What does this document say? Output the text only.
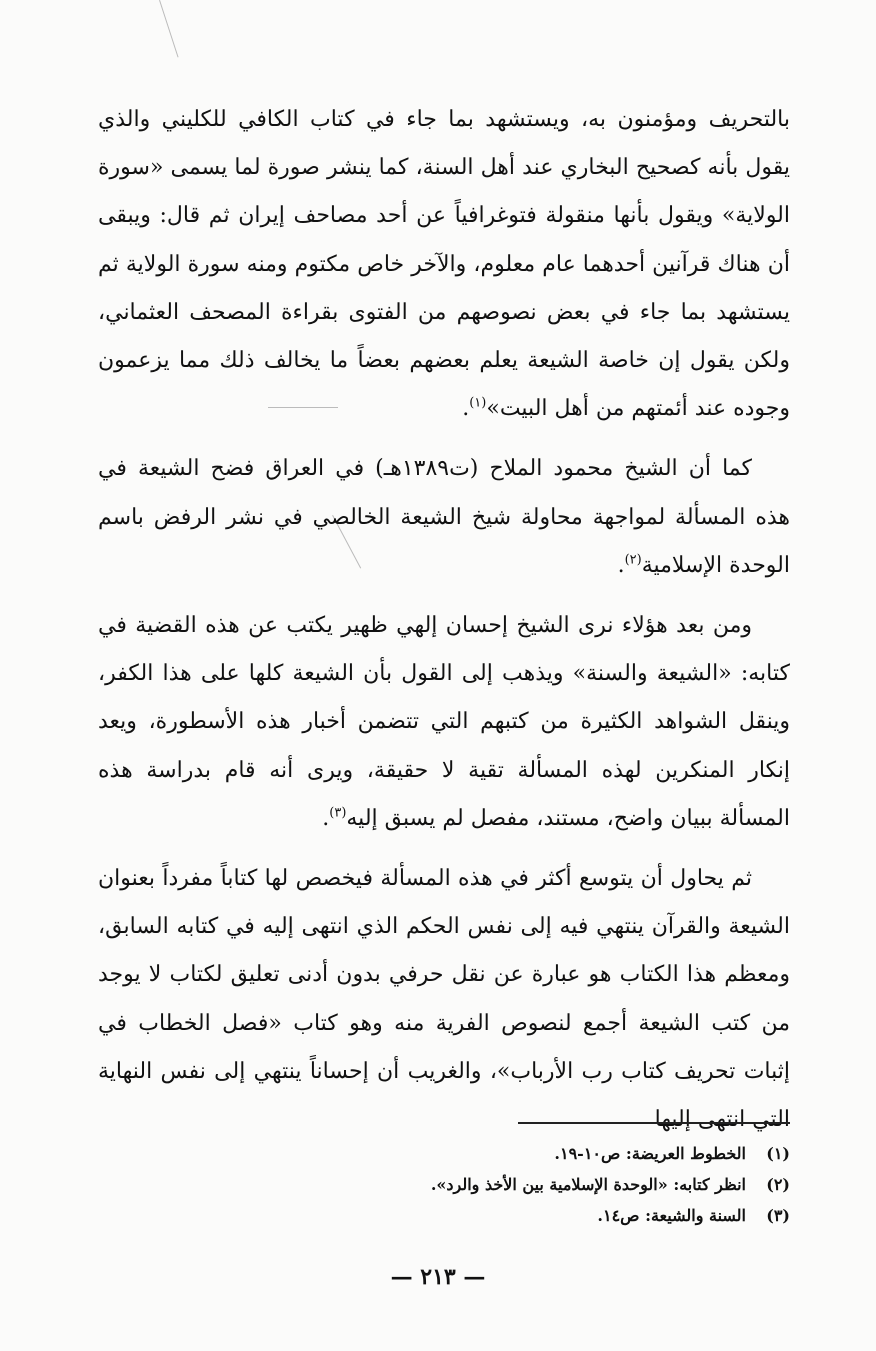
بالتحريف ومؤمنون به، ويستشهد بما جاء في كتاب الكافي للكليني والذي يقول بأنه كصحيح البخاري عند أهل السنة، كما ينشر صورة لما يسمى «سورة الولاية» ويقول بأنها منقولة فتوغرافياً عن أحد مصاحف إيران ثم قال: ويبقى أن هناك قرآنين أحدهما عام معلوم، والآخر خاص مكتوم ومنه سورة الولاية ثم يستشهد بما جاء في بعض نصوصهم من الفتوى بقراءة المصحف العثماني، ولكن يقول إن خاصة الشيعة يعلم بعضهم بعضاً ما يخالف ذلك مما يزعمون وجوده عند أئمتهم من أهل البيت»$^{(١)}$.

كما أن الشيخ محمود الملاح (ت١٣٨٩هـ) في العراق فضح الشيعة في هذه المسألة لمواجهة محاولة شيخ الشيعة الخالصي في نشر الرفض باسم الوحدة الإسلامية$^{(٢)}$.

ومن بعد هؤلاء نرى الشيخ إحسان إلهي ظهير يكتب عن هذه القضية في كتابه: «الشيعة والسنة» ويذهب إلى القول بأن الشيعة كلها على هذا الكفر، وينقل الشواهد الكثيرة من كتبهم التي تتضمن أخبار هذه الأسطورة، ويعد إنكار المنكرين لهذه المسألة تقية لا حقيقة، ويرى أنه قام بدراسة هذه المسألة ببيان واضح، مستند، مفصل لم يسبق إليه$^{(٣)}$.

ثم يحاول أن يتوسع أكثر في هذه المسألة فيخصص لها كتاباً مفرداً بعنوان الشيعة والقرآن ينتهي فيه إلى نفس الحكم الذي انتهى إليه في كتابه السابق، ومعظم هذا الكتاب هو عبارة عن نقل حرفي بدون أدنى تعليق لكتاب لا يوجد من كتب الشيعة أجمع لنصوص الفرية منه وهو كتاب «فصل الخطاب في إثبات تحريف كتاب رب الأرباب»، والغريب أن إحساناً ينتهي إلى نفس النهاية التي انتهى إليها

(١)الخطوط العريضة: ص١٠-١٩.
(٢)انظر كتابه: «الوحدة الإسلامية بين الأخذ والرد».
(٣)السنة والشيعة: ص١٤.
— ٢١٣ —
